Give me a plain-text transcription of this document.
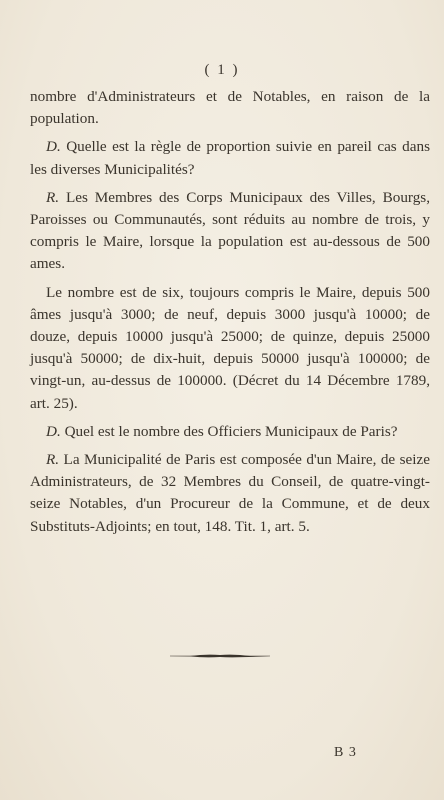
( 1 )

nombre d'Administrateurs et de Notables, en raison de la population.

D. Quelle est la règle de proportion suivie en pareil cas dans les diverses Municipalités?

R. Les Membres des Corps Municipaux des Villes, Bourgs, Paroisses ou Communautés, sont réduits au nombre de trois, y compris le Maire, lorsque la population est au-dessous de 500 ames.

Le nombre est de six, toujours compris le Maire, depuis 500 âmes jusqu'à 3000; de neuf, depuis 3000 jusqu'à 10000; de douze, depuis 10000 jusqu'à 25000; de quinze, depuis 25000 jusqu'à 50000; de dix-huit, depuis 50000 jusqu'à 100000; de vingt-un, au-dessus de 100000. (Décret du 14 Décembre 1789, art. 25).

D. Quel est le nombre des Officiers Municipaux de Paris?

R. La Municipalité de Paris est composée d'un Maire, de seize Administrateurs, de 32 Membres du Conseil, de quatre-vingt-seize Notables, d'un Procureur de la Commune, et de deux Substituts-Adjoints; en tout, 148. Tit. 1, art. 5.

B 3
